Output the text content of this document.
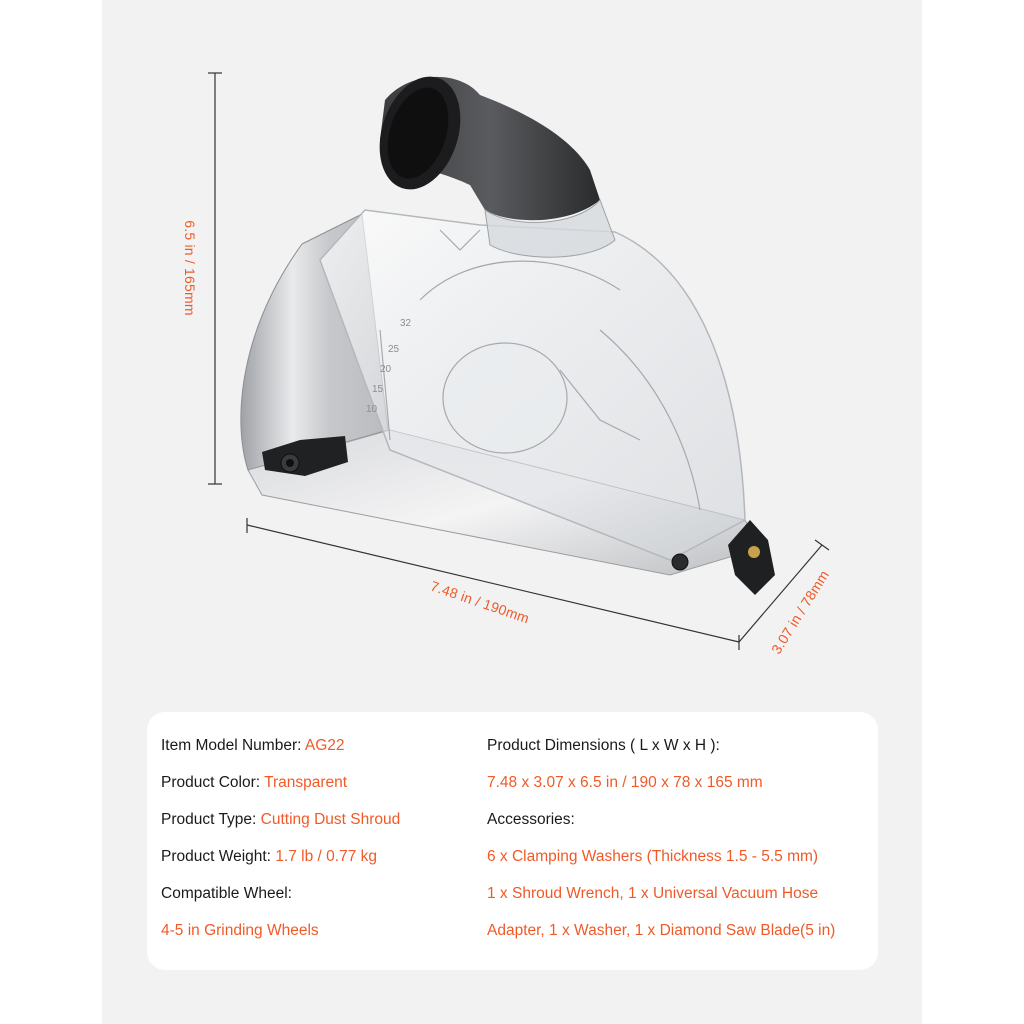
32
25
20
15
10
6.5 in / 165mm
7.48 in / 190mm	3.07 in / 78mm
Item Model Number: AG22
Product Color: Transparent
Product Type: Cutting Dust Shroud
Product Weight: 1.7 lb / 0.77 kg
Compatible Wheel:
4-5 in Grinding Wheels
Product Dimensions ( L x W x H ):
7.48 x 3.07 x 6.5 in / 190 x 78 x 165 mm
Accessories:
6 x Clamping Washers (Thickness 1.5 - 5.5 mm)
1 x Shroud Wrench, 1 x Universal Vacuum Hose
Adapter, 1 x Washer, 1 x Diamond Saw Blade(5 in)
